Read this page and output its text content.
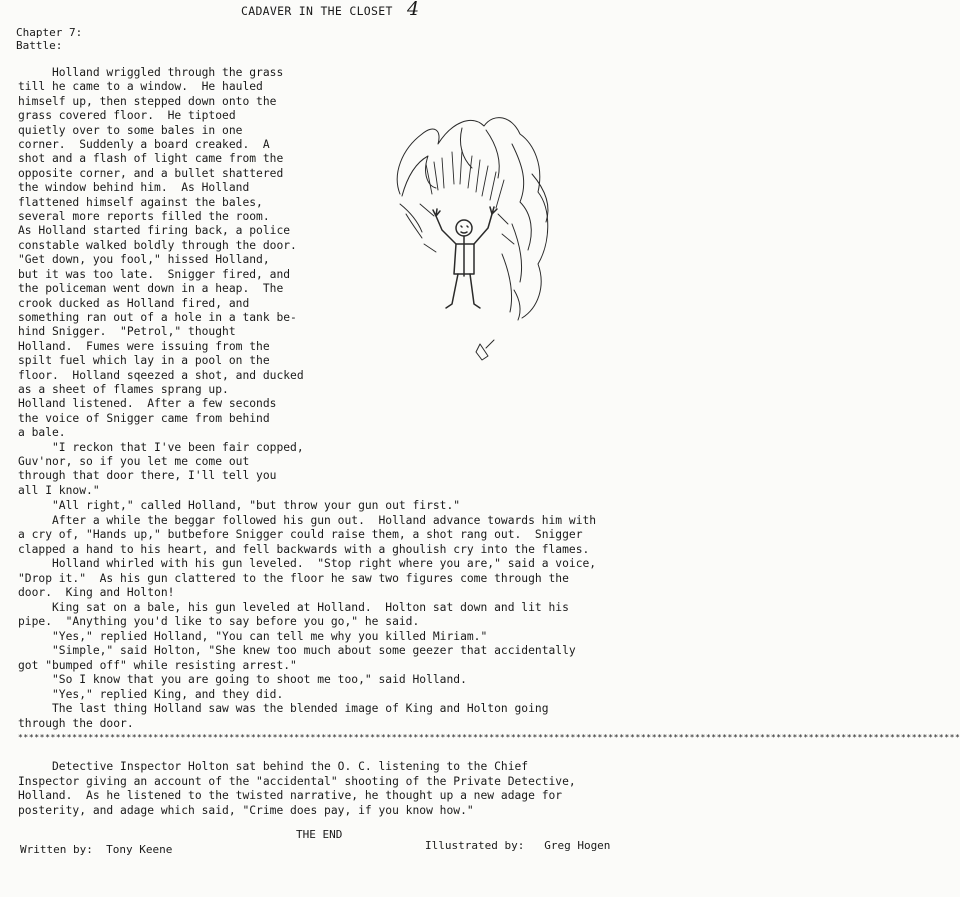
CADAVER IN THE CLOSET 4
Chapter 7:
Battle:
Holland wriggled through the grass
till he came to a window.  He hauled
himself up, then stepped down onto the
grass covered floor.  He tiptoed
quietly over to some bales in one
corner.  Suddenly a board creaked.  A
shot and a flash of light came from the
opposite corner, and a bullet shattered
the window behind him.  As Holland
flattened himself against the bales,
several more reports filled the room.
As Holland started firing back, a police
constable walked boldly through the door.
"Get down, you fool," hissed Holland,
but it was too late.  Snigger fired, and
the policeman went down in a heap.  The
crook ducked as Holland fired, and
something ran out of a hole in a tank be-
hind Snigger.  "Petrol," thought
Holland.  Fumes were issuing from the
spilt fuel which lay in a pool on the
floor.  Holland sqeezed a shot, and ducked
as a sheet of flames sprang up.
Holland listened.  After a few seconds
the voice of Snigger came from behind
a bale.
"I reckon that I've been fair copped,
Guv'nor, so if you let me come out
through that door there, I'll tell you
all I know."
"All right," called Holland, "but throw your gun out first."
After a while the beggar followed his gun out.  Holland advance towards him with
a cry of, "Hands up," butbefore Snigger could raise them, a shot rang out.  Snigger
clapped a hand to his heart, and fell backwards with a ghoulish cry into the flames.
Holland whirled with his gun leveled.  "Stop right where you are," said a voice,
"Drop it."  As his gun clattered to the floor he saw two figures come through the
door.  King and Holton!
King sat on a bale, his gun leveled at Holland.  Holton sat down and lit his
pipe.  "Anything you'd like to say before you go," he said.
"Yes," replied Holland, "You can tell me why you killed Miriam."
"Simple," said Holton, "She knew too much about some geezer that accidentally
got "bumped off" while resisting arrest."
"So I know that you are going to shoot me too," said Holland.
"Yes," replied King, and they did.
The last thing Holland saw was the blended image of King and Holton going
through the door.
******************************************************************************************************************************************************************************
Detective Inspector Holton sat behind the O. C. listening to the Chief
Inspector giving an account of the "accidental" shooting of the Private Detective,
Holland.  As he listened to the twisted narrative, he thought up a new adage for
posterity, and adage which said, "Crime does pay, if you know how."
THE END
Written by:  Tony Keene	Illustrated by:   Greg Hogen
